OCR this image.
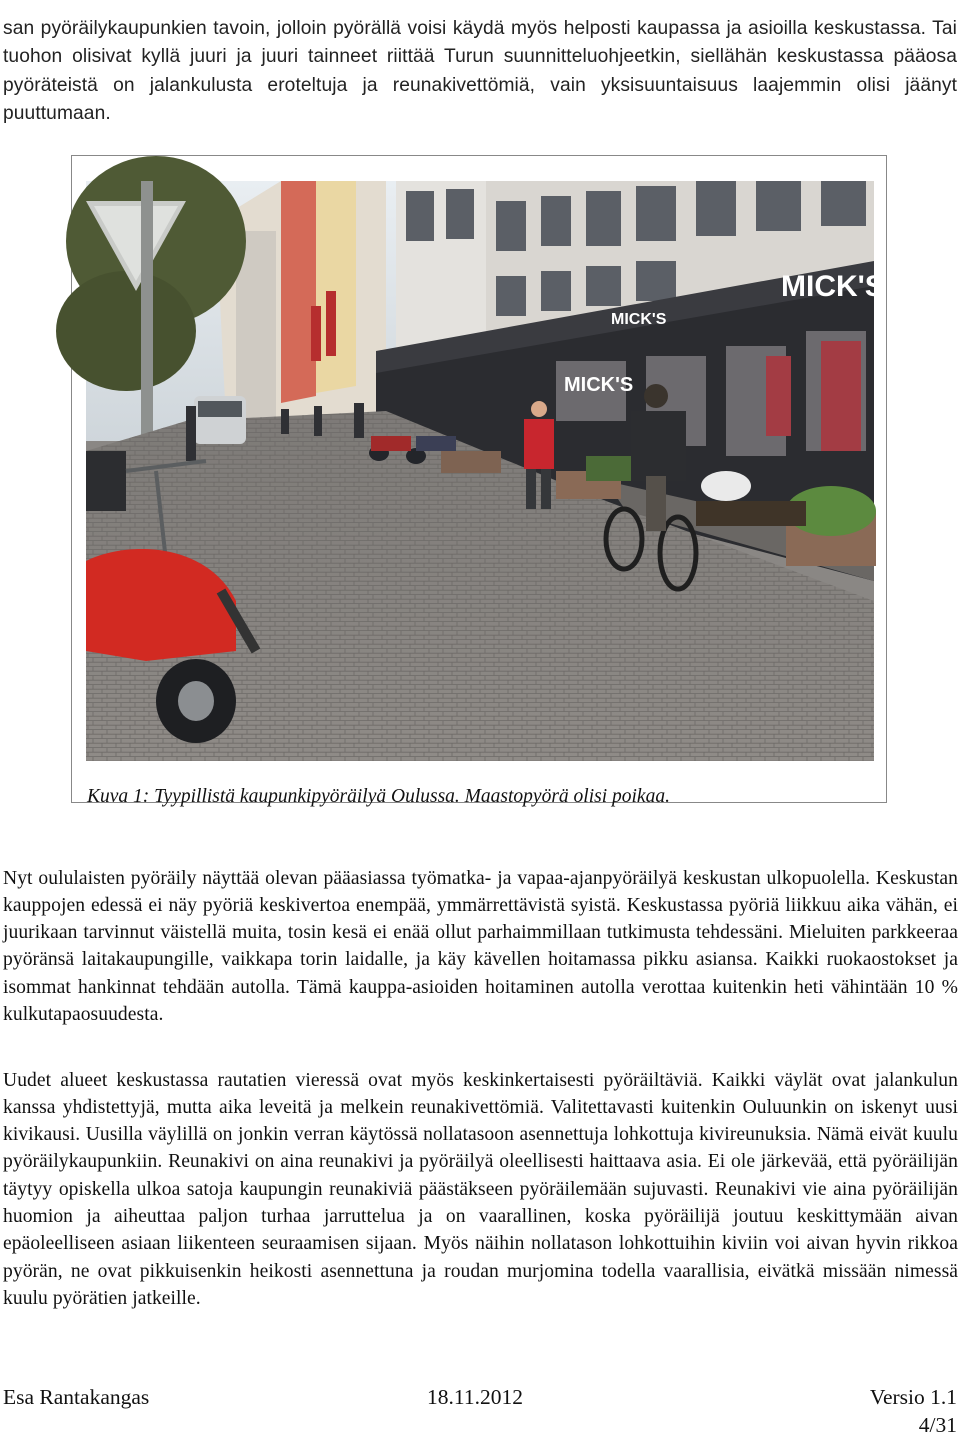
san pyöräilykaupunkien tavoin, jolloin pyörällä voisi käydä myös helposti kaupassa ja asioilla keskustassa. Tai tuohon olisivat kyllä juuri ja juuri tainneet riittää Turun suunnitteluohjeetkin, siellähän keskustassa pääosa pyöräteistä on jalankulusta eroteltuja ja reunakivettömiä, vain yksisuuntaisuus laajemmin olisi jäänyt puuttumaan.

MICK'S
MICK'S
MICK'S

Kuva 1: Tyypillistä kaupunkipyöräilyä Oulussa. Maastopyörä olisi poikaa.

Nyt oululaisten pyöräily näyttää olevan pääasiassa työmatka- ja vapaa-ajanpyöräilyä keskustan ulkopuolella. Keskustan kauppojen edessä ei näy pyöriä keskivertoa enempää, ymmärrettävistä syistä. Keskustassa pyöriä liikkuu aika vähän, ei juurikaan tarvinnut väistellä muita, tosin kesä ei enää ollut parhaimmillaan tutkimusta tehdessäni. Mieluiten parkkeeraa pyöränsä laitakaupungille, vaikkapa torin laidalle, ja käy kävellen hoitamassa pikku asiansa. Kaikki ruokaostokset ja isommat hankinnat tehdään autolla. Tämä kauppa-asioiden hoitaminen autolla verottaa kuitenkin heti vähintään 10 % kulkutapaosuudesta.

Uudet alueet keskustassa rautatien vieressä ovat myös keskinkertaisesti pyöräiltäviä. Kaikki väylät ovat jalankulun kanssa yhdistettyjä, mutta aika leveitä ja melkein reunakivettömiä. Valitettavasti kuitenkin Ouluunkin on iskenyt uusi kivikausi. Uusilla väylillä on jonkin verran käytössä nollatasoon asennettuja lohkottuja kivireunuksia. Nämä eivät kuulu pyöräilykaupunkiin. Reunakivi on aina reunakivi ja pyöräilyä oleellisesti haittaava asia. Ei ole järkevää, että pyöräilijän täytyy opiskella ulkoa satoja kaupungin reunakiviä päästäkseen pyöräilemään sujuvasti. Reunakivi vie aina pyöräilijän huomion ja aiheuttaa paljon turhaa jarruttelua ja on vaarallinen, koska pyöräilijä joutuu keskittymään aivan epäoleelliseen asiaan liikenteen seuraamisen sijaan. Myös näihin nollatason lohkottuihin kiviin voi aivan hyvin rikkoa pyörän, ne ovat pikkuisenkin heikosti asennettuna ja roudan murjomina todella vaarallisia, eivätkä missään nimessä kuulu pyörätien jatkeille.

Esa Rantakangas	18.11.2012	Versio 1.1
4/31
